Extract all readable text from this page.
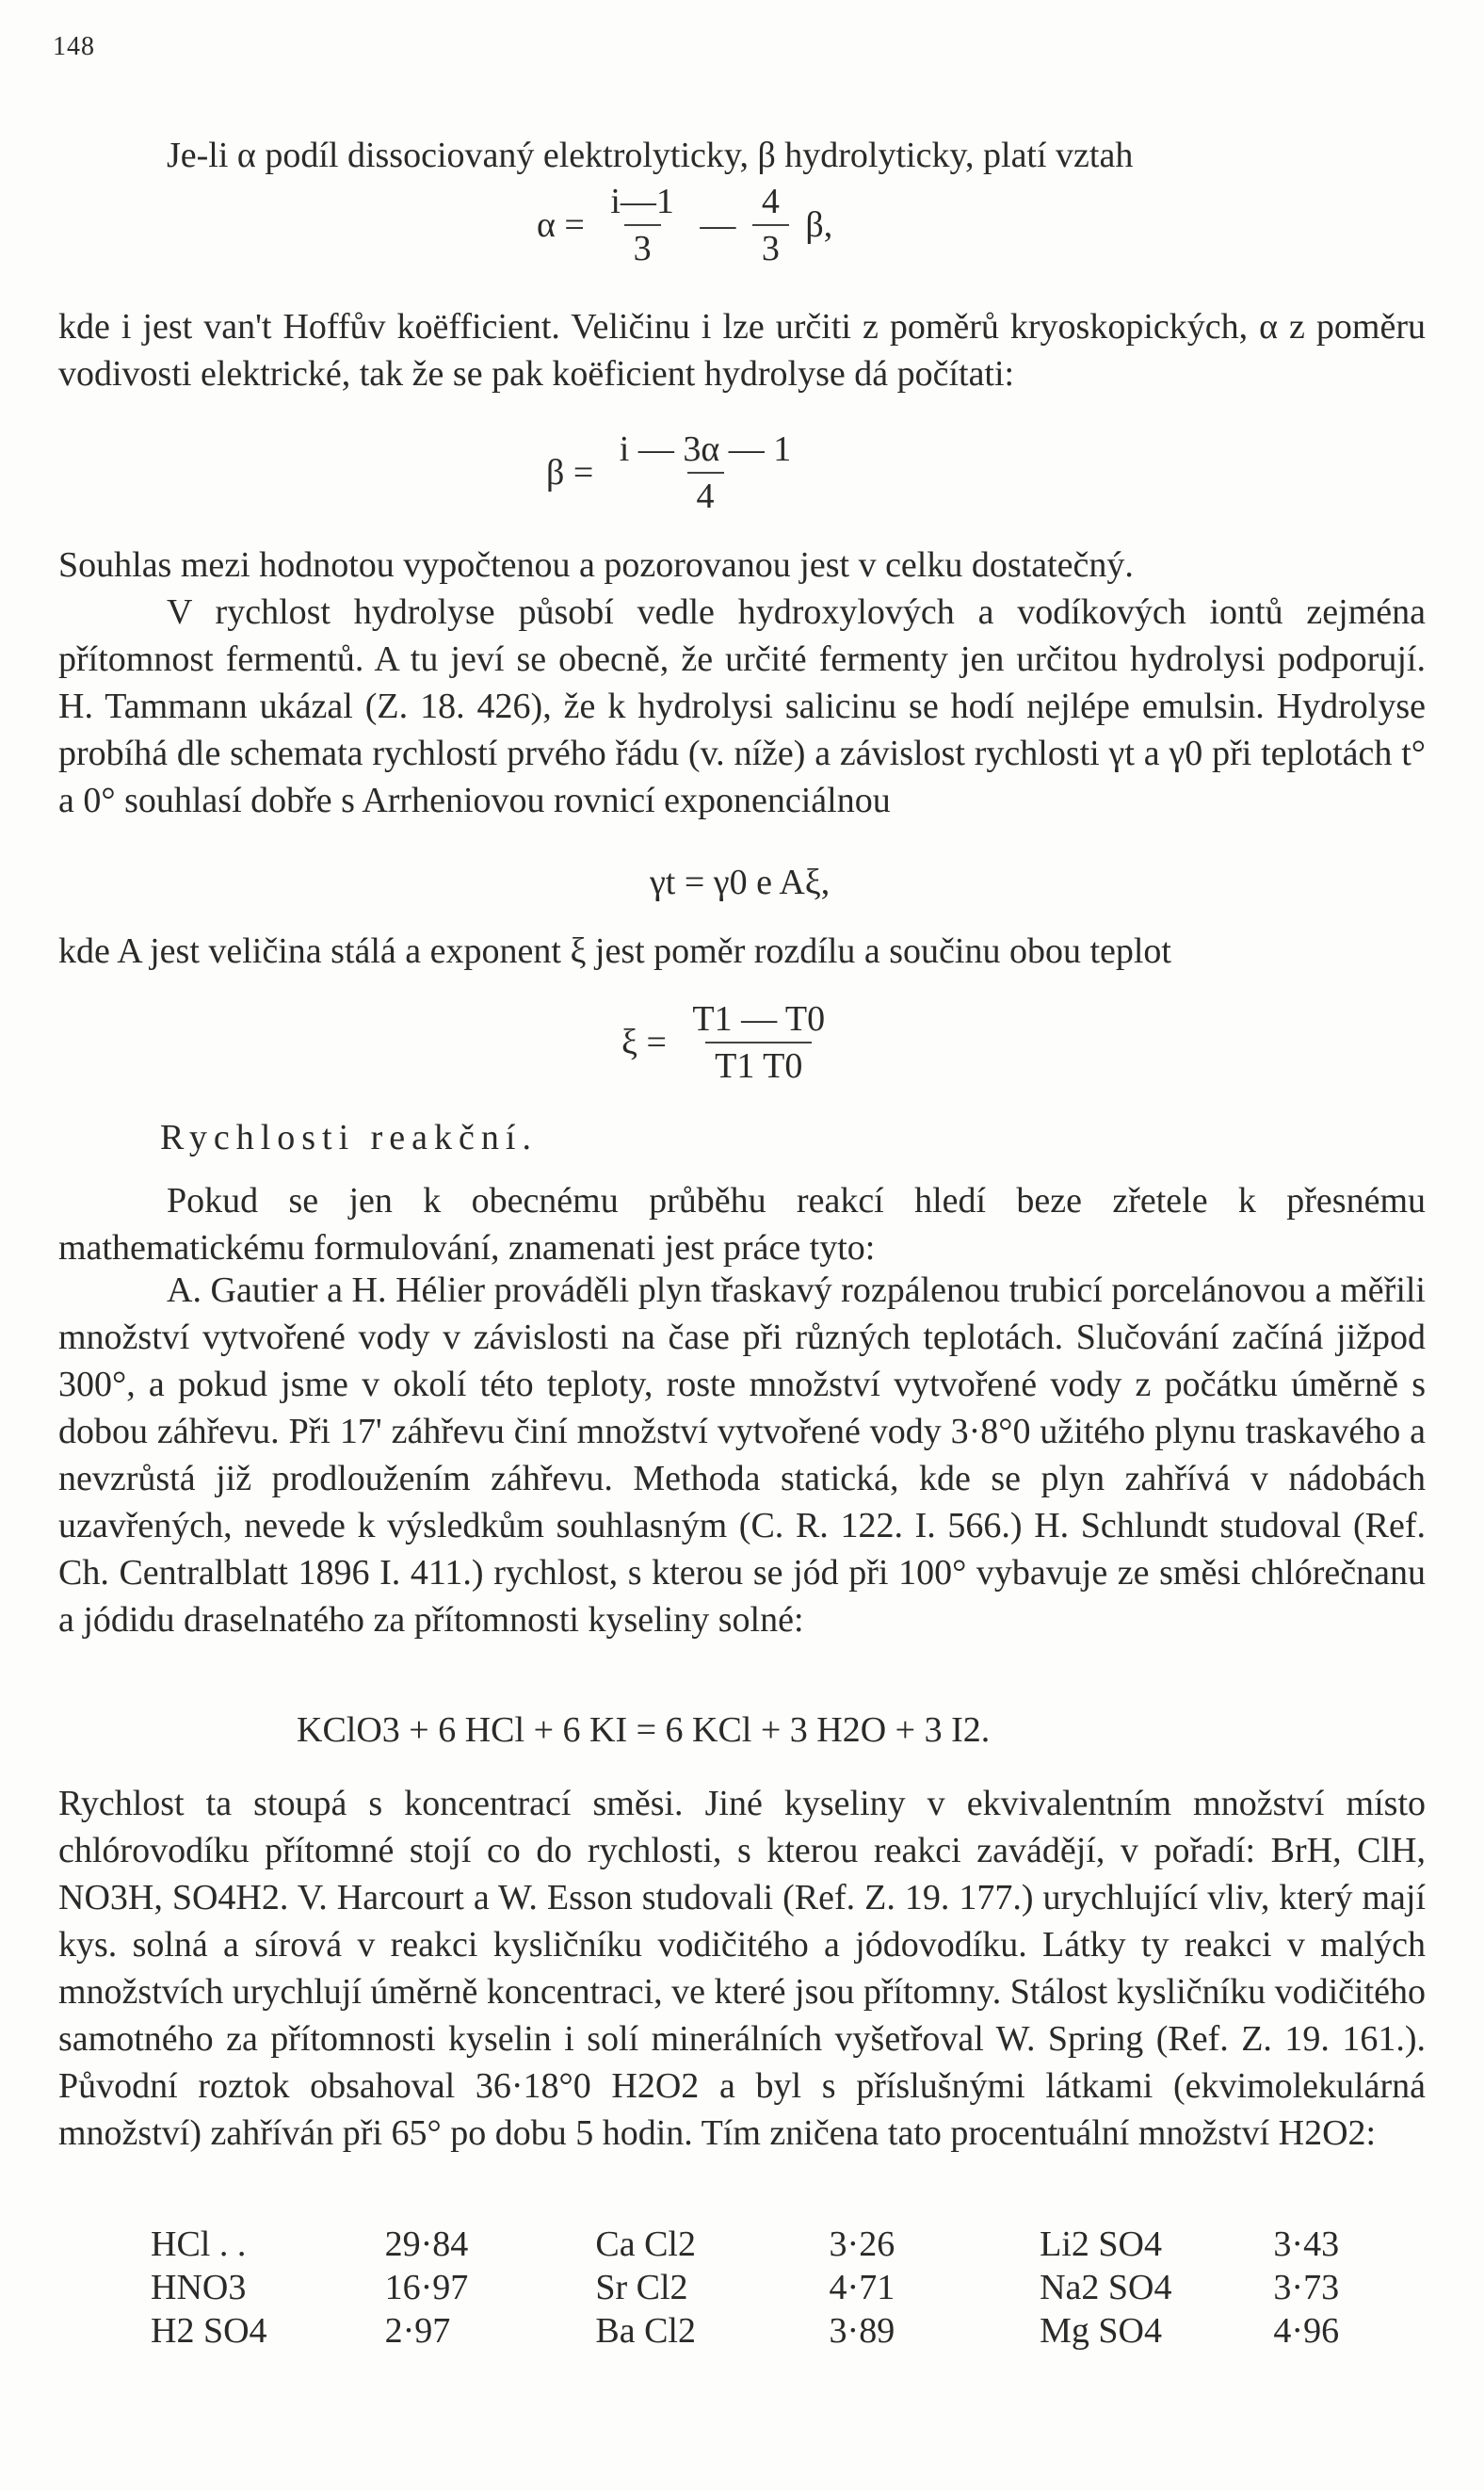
148

Je-li α podíl dissociovaný elektrolyticky, β hydrolyticky, platí vztah

$\alpha = \frac{i—1}{3}$ — $\frac{4}{3} \beta$,

kde i jest van't Hoffův koëfficient. Veličinu i lze určiti z poměrů kryoskopických, α z poměru vodivosti elektrické, tak že se pak koëficient hydrolyse dá počítati:

$\beta = \frac{i — 3\alpha — 1}{4}$

Souhlas mezi hodnotou vypočtenou a pozorovanou jest v celku dostatečný.

V rychlost hydrolyse působí vedle hydroxylových a vodíkových iontů zejména přítomnost fermentů. A tu jeví se obecně, že určité fermenty jen určitou hydrolysi podporují. H. Tammann ukázal (Z. 18. 426), že k hydrolysi salicinu se hodí nejlépe emulsin. Hydrolyse probíhá dle schemata rychlostí prvého řádu (v. níže) a závislost rychlosti γt a γ0 při teplotách t° a 0° souhlasí dobře s Arrheniovou rovnicí exponenciálnou

γt = γ0 e Aξ,

kde A jest veličina stálá a exponent ξ jest poměr rozdílu a součinu obou teplot

$\xi = \frac{T1 — T0}{T1 T0}$
Rychlosti reakční.

Pokud se jen k obecnému průběhu reakcí hledí beze zřetele k přesnému mathematickému formulování, znamenati jest práce tyto:

A. Gautier a H. Hélier prováděli plyn třaskavý rozpálenou trubicí porcelánovou a měřili množství vytvořené vody v závislosti na čase při různých teplotách. Slučování začíná jižpod 300°, a pokud jsme v okolí této teploty, roste množství vytvořené vody z počátku úměrně s dobou záhřevu. Při 17' záhřevu činí množství vytvořené vody 3·8°0 užitého plynu traskavého a nevzrůstá již prodloužením záhřevu. Methoda statická, kde se plyn zahřívá v nádobách uzavřených, nevede k výsledkům souhlasným (C. R. 122. I. 566.) H. Schlundt studoval (Ref. Ch. Centralblatt 1896 I. 411.) rychlost, s kterou se jód při 100° vybavuje ze směsi chlórečnanu a jódidu draselnatého za přítomnosti kyseliny solné:

KClO3 + 6 HCl + 6 KI = 6 KCl + 3 H2O + 3 I2.

Rychlost ta stoupá s koncentrací směsi. Jiné kyseliny v ekvivalentním množství místo chlórovodíku přítomné stojí co do rychlosti, s kterou reakci zavádějí, v pořadí: BrH, ClH, NO3H, SO4H2. V. Harcourt a W. Esson studovali (Ref. Z. 19. 177.) urychlující vliv, který mají kys. solná a sírová v reakci kysličníku vodičitého a jódovodíku. Látky ty reakci v malých množstvích urychlují úměrně koncentraci, ve které jsou přítomny. Stálost kysličníku vodičitého samotného za přítomnosti kyselin i solí minerálních vyšetřoval W. Spring (Ref. Z. 19. 161.). Původní roztok obsahoval 36·18°0 H2O2 a byl s příslušnými látkami (ekvimolekulárná množství) zahříván při 65° po dobu 5 hodin. Tím zničena tato procentuální množství H2O2:

HCl . .	29·84	Ca Cl2	3·26	Li2 SO4	3·43
HNO3	16·97	Sr Cl2	4·71	Na2 SO4	3·73
H2 SO4	2·97	Ba Cl2	3·89	Mg SO4	4·96
